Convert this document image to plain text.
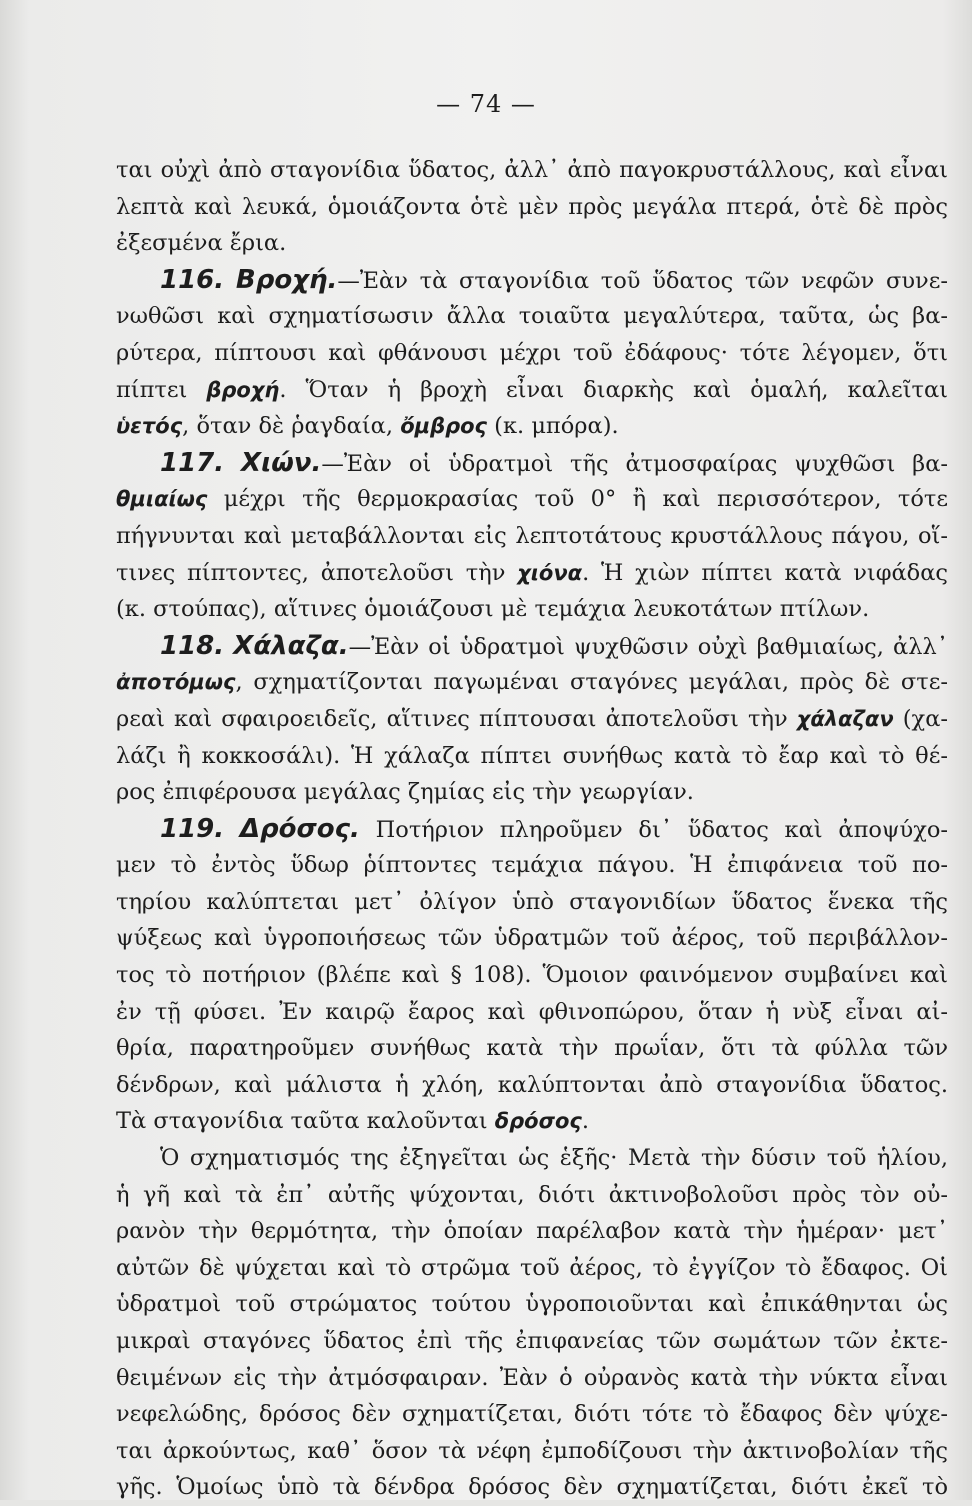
— 74 —
ται οὐχὶ ἀπὸ σταγονίδια ὕδατος, ἀλλ᾽ ἀπὸ παγοκρυστάλλους, καὶ εἶναι
λεπτὰ καὶ λευκά, ὁμοιάζοντα ὁτὲ μὲν πρὸς μεγάλα πτερά, ὁτὲ δὲ πρὸς
ἐξεσμένα ἔρια.
116. Βροχή.—Ἐὰν τὰ σταγονίδια τοῦ ὕδατος τῶν νεφῶν συνε-
νωθῶσι καὶ σχηματίσωσιν ἄλλα τοιαῦτα μεγαλύτερα, ταῦτα, ὡς βα-
ρύτερα, πίπτουσι καὶ φθάνουσι μέχρι τοῦ ἐδάφους· τότε λέγομεν, ὅτι
πίπτει βροχή. Ὅταν ἡ βροχὴ εἶναι διαρκὴς καὶ ὁμαλή, καλεῖται
ὑετός, ὅταν δὲ ῥαγδαία, ὄμβρος (κ. μπόρα).
117. Χιών.—Ἐὰν οἱ ὑδρατμοὶ τῆς ἀτμοσφαίρας ψυχθῶσι βα-
θμιαίως μέχρι τῆς θερμοκρασίας τοῦ 0° ἢ καὶ περισσότερον, τότε
πήγνυνται καὶ μεταβάλλονται εἰς λεπτοτάτους κρυστάλλους πάγου, οἵ-
τινες πίπτοντες, ἀποτελοῦσι τὴν χιόνα. Ἡ χιὼν πίπτει κατὰ νιφάδας
(κ. στούπας), αἵτινες ὁμοιάζουσι μὲ τεμάχια λευκοτάτων πτίλων.
118. Χάλαζα.—Ἐὰν οἱ ὑδρατμοὶ ψυχθῶσιν οὐχὶ βαθμιαίως, ἀλλ᾽
ἀποτόμως, σχηματίζονται παγωμέναι σταγόνες μεγάλαι, πρὸς δὲ στε-
ρεαὶ καὶ σφαιροειδεῖς, αἵτινες πίπτουσαι ἀποτελοῦσι τὴν χάλαζαν (χα-
λάζι ἢ κοκκοσάλι). Ἡ χάλαζα πίπτει συνήθως κατὰ τὸ ἔαρ καὶ τὸ θέ-
ρος ἐπιφέρουσα μεγάλας ζημίας εἰς τὴν γεωργίαν.
119. Δρόσος. Ποτήριον πληροῦμεν δι᾽ ὕδατος καὶ ἀποψύχο-
μεν τὸ ἐντὸς ὕδωρ ῥίπτοντες τεμάχια πάγου. Ἡ ἐπιφάνεια τοῦ πο-
τηρίου καλύπτεται μετ᾽ ὀλίγον ὑπὸ σταγονιδίων ὕδατος ἕνεκα τῆς
ψύξεως καὶ ὑγροποιήσεως τῶν ὑδρατμῶν τοῦ ἀέρος, τοῦ περιβάλλον-
τος τὸ ποτήριον (βλέπε καὶ § 108). Ὅμοιον φαινόμενον συμβαίνει καὶ
ἐν τῇ φύσει. Ἐν καιρῷ ἔαρος καὶ φθινοπώρου, ὅταν ἡ νὺξ εἶναι αἰ-
θρία, παρατηροῦμεν συνήθως κατὰ τὴν πρωΐαν, ὅτι τὰ φύλλα τῶν
δένδρων, καὶ μάλιστα ἡ χλόη, καλύπτονται ἀπὸ σταγονίδια ὕδατος.
Τὰ σταγονίδια ταῦτα καλοῦνται δρόσος.
Ὁ σχηματισμός της ἐξηγεῖται ὡς ἑξῆς· Μετὰ τὴν δύσιν τοῦ ἡλίου,
ἡ γῆ καὶ τὰ ἐπ᾽ αὐτῆς ψύχονται, διότι ἀκτινοβολοῦσι πρὸς τὸν οὐ-
ρανὸν τὴν θερμότητα, τὴν ὁποίαν παρέλαβον κατὰ τὴν ἡμέραν· μετ᾽
αὐτῶν δὲ ψύχεται καὶ τὸ στρῶμα τοῦ ἀέρος, τὸ ἐγγίζον τὸ ἔδαφος. Οἱ
ὑδρατμοὶ τοῦ στρώματος τούτου ὑγροποιοῦνται καὶ ἐπικάθηνται ὡς
μικραὶ σταγόνες ὕδατος ἐπὶ τῆς ἐπιφανείας τῶν σωμάτων τῶν ἐκτε-
θειμένων εἰς τὴν ἀτμόσφαιραν. Ἐὰν ὁ οὐρανὸς κατὰ τὴν νύκτα εἶναι
νεφελώδης, δρόσος δὲν σχηματίζεται, διότι τότε τὸ ἔδαφος δὲν ψύχε-
ται ἀρκούντως, καθ᾽ ὅσον τὰ νέφη ἐμποδίζουσι τὴν ἀκτινοβολίαν τῆς
γῆς. Ὁμοίως ὑπὸ τὰ δένδρα δρόσος δὲν σχηματίζεται, διότι ἐκεῖ τὸ
